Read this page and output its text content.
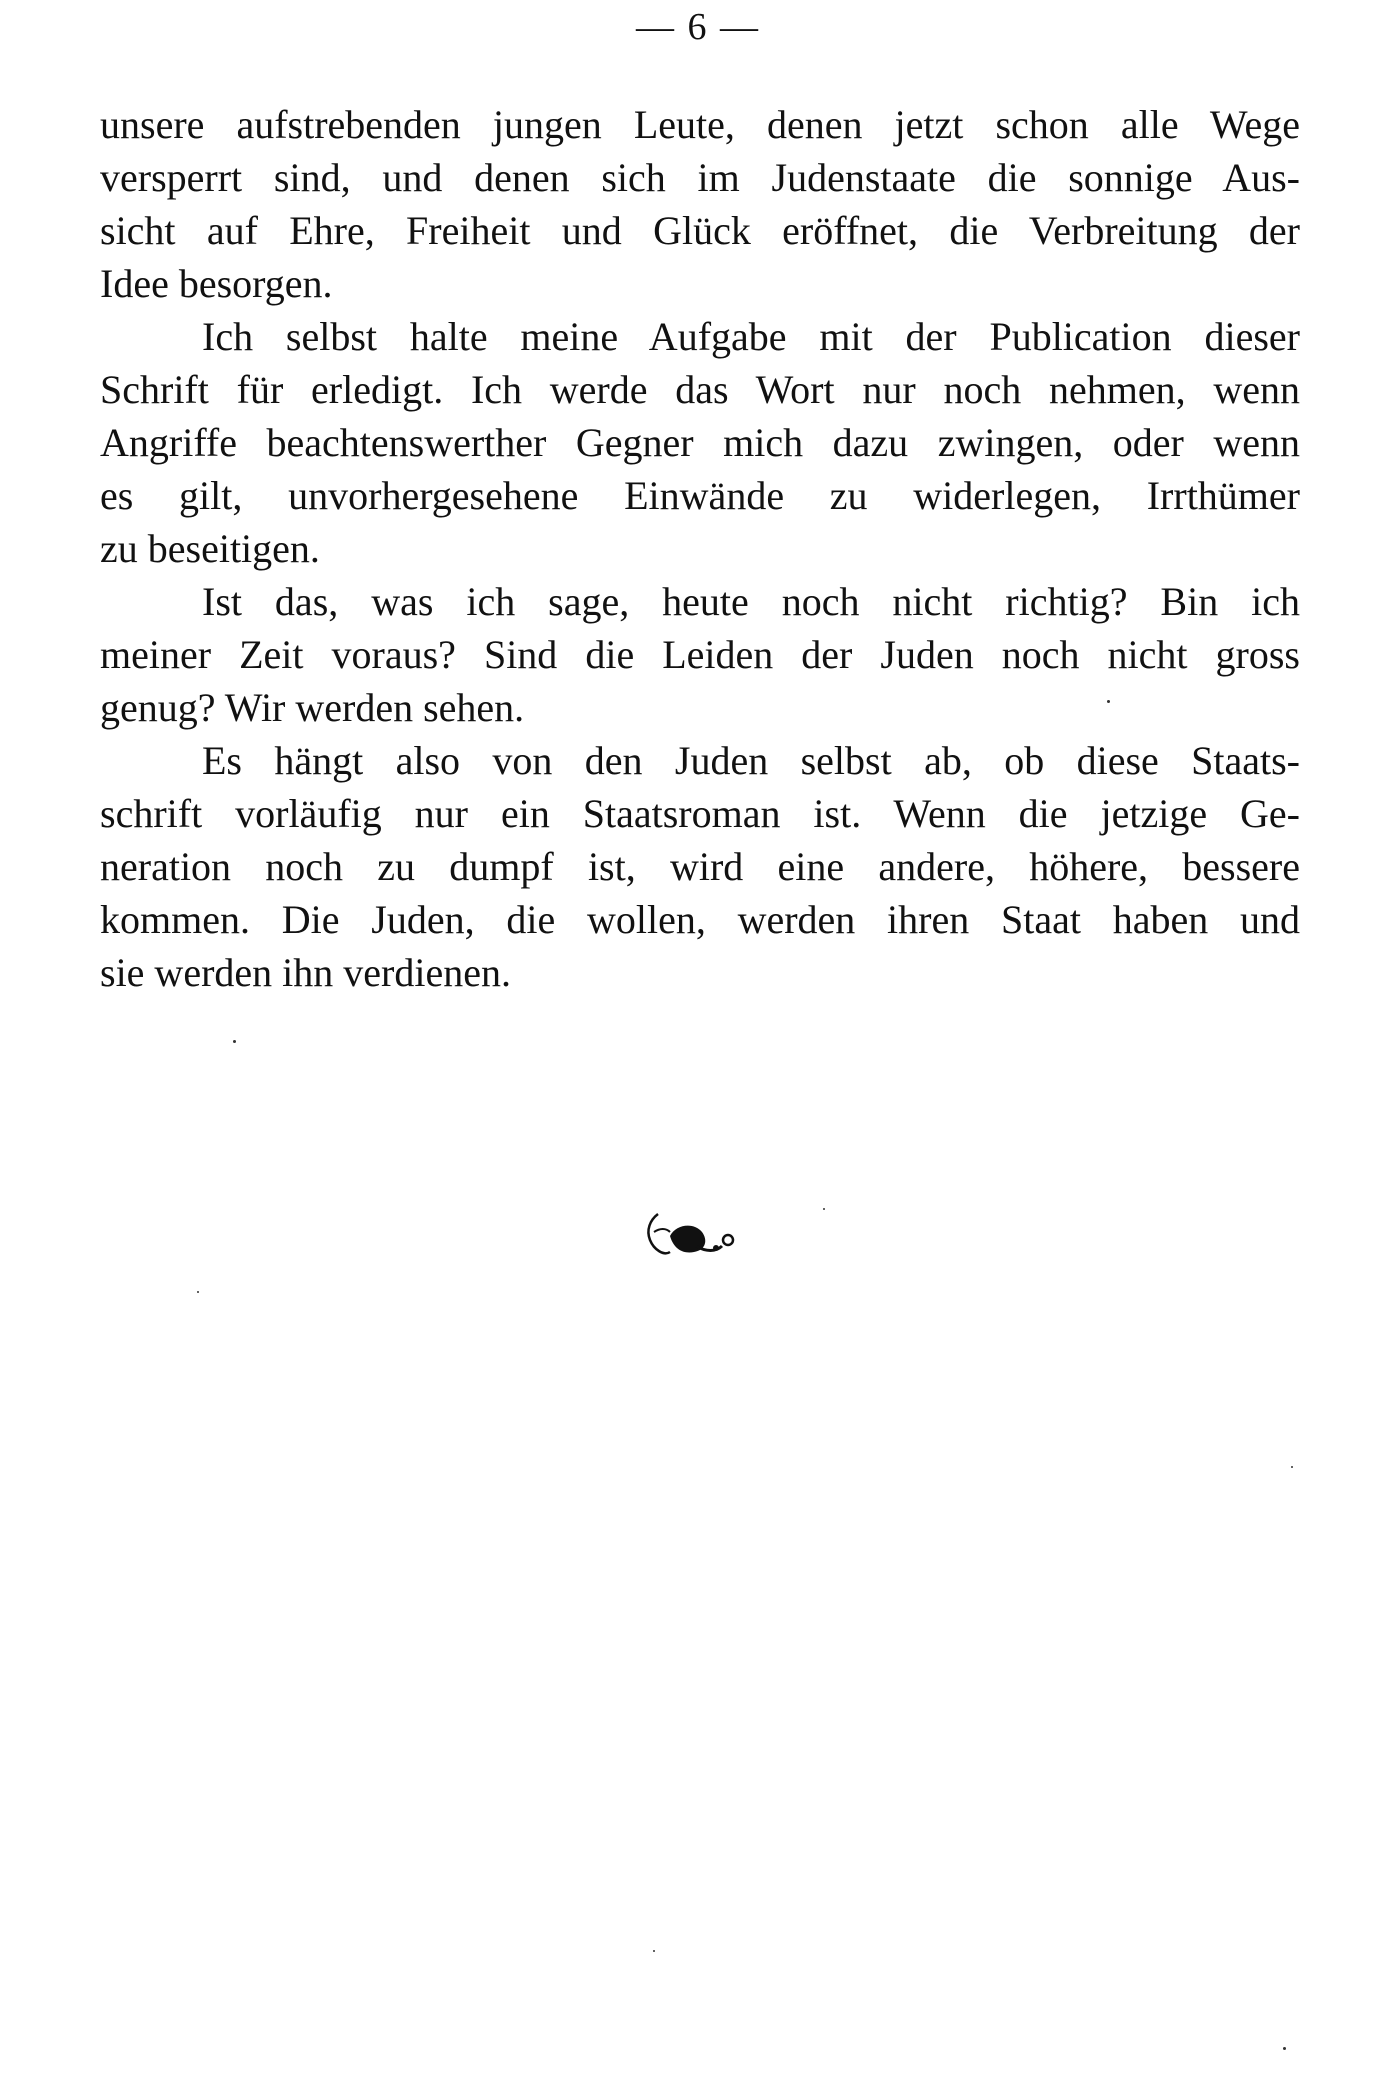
— 6 —
unsere aufstrebenden jungen Leute, denen jetzt schon alle Wege
versperrt sind, und denen sich im Judenstaate die sonnige Aus-
sicht auf Ehre, Freiheit und Glück eröffnet, die Verbreitung der
Idee besorgen.
Ich selbst halte meine Aufgabe mit der Publication dieser
Schrift für erledigt. Ich werde das Wort nur noch nehmen, wenn
Angriffe beachtenswerther Gegner mich dazu zwingen, oder wenn
es gilt, unvorhergesehene Einwände zu widerlegen, Irrthümer
zu beseitigen.
Ist das, was ich sage, heute noch nicht richtig? Bin ich
meiner Zeit voraus? Sind die Leiden der Juden noch nicht gross
genug? Wir werden sehen.
Es hängt also von den Juden selbst ab, ob diese Staats-
schrift vorläufig nur ein Staatsroman ist. Wenn die jetzige Ge-
neration noch zu dumpf ist, wird eine andere, höhere, bessere
kommen. Die Juden, die wollen, werden ihren Staat haben und
sie werden ihn verdienen.
